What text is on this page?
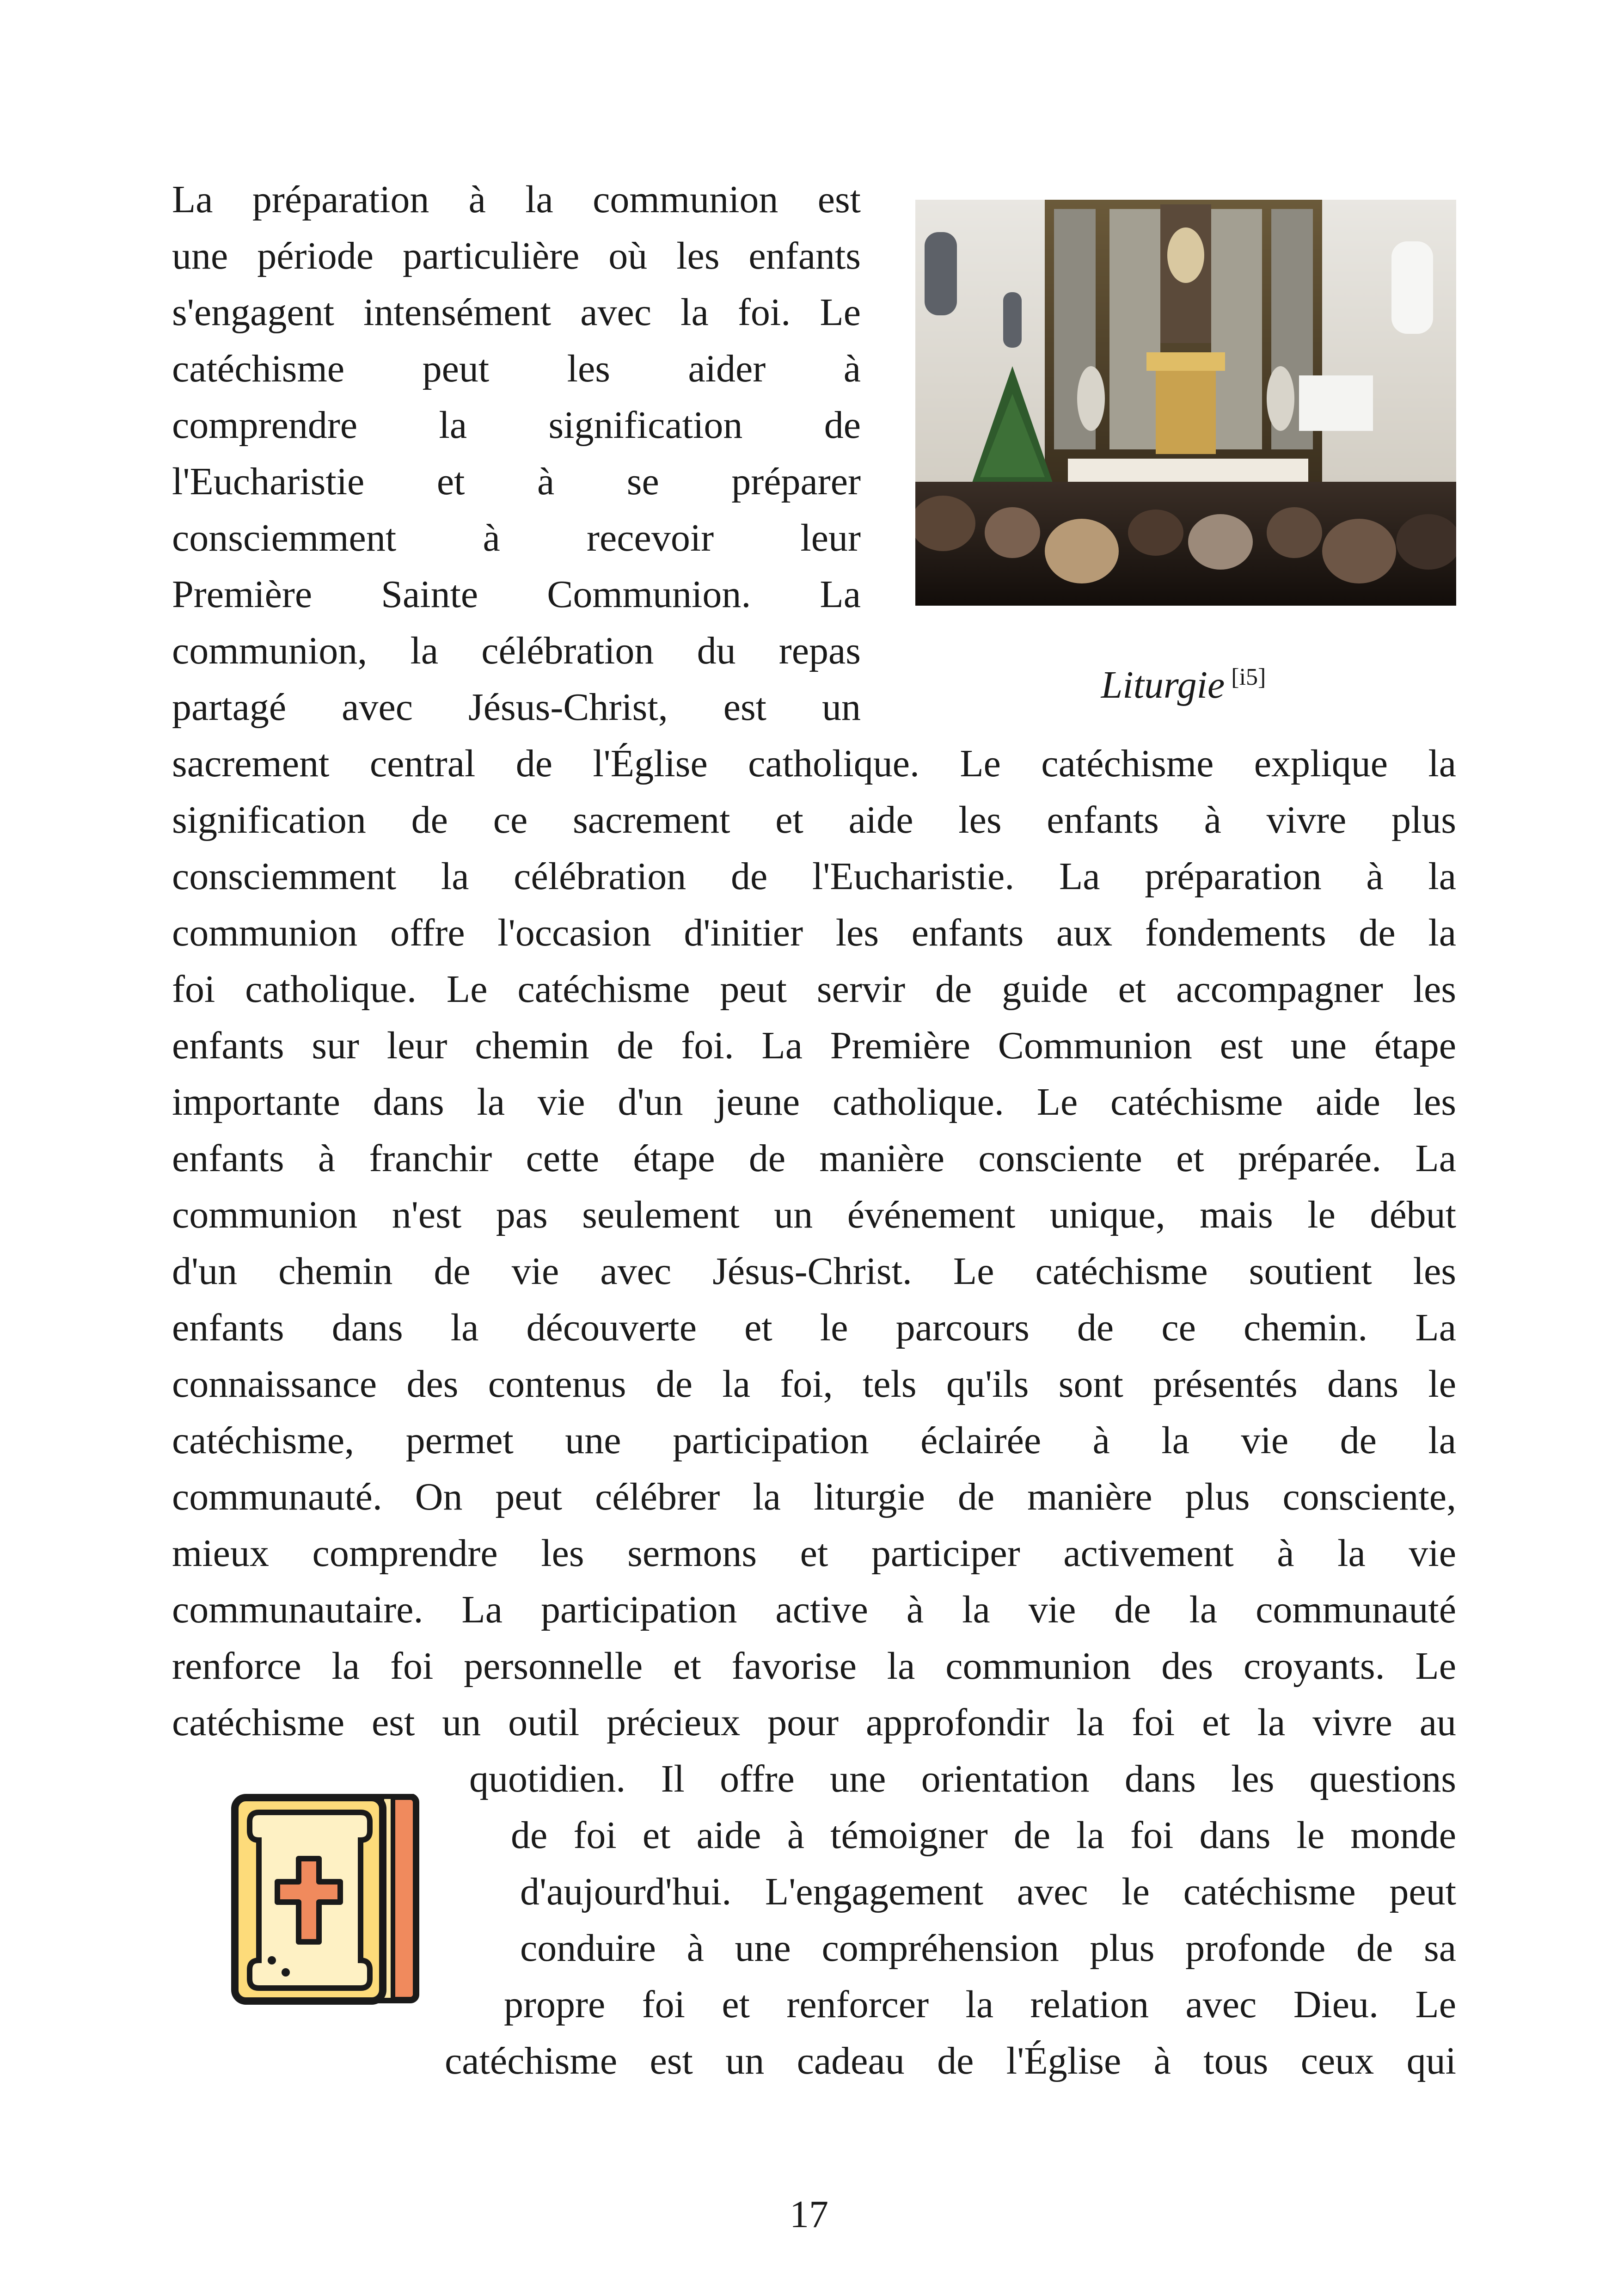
La préparation à la communion est

une période particulière où les enfants

s'engagent intensément avec la foi. Le

catéchisme peut les aider à

comprendre la signification de

l'Eucharistie et à se préparer

consciemment à recevoir leur

Première Sainte Communion. La

communion, la célébration du repas

partagé avec Jésus-Christ, est un

Liturgie [i5]

sacrement central de l'Église catholique. Le catéchisme explique la

signification de ce sacrement et aide les enfants à vivre plus

consciemment la célébration de l'Eucharistie. La préparation à la

communion offre l'occasion d'initier les enfants aux fondements de la

foi catholique. Le catéchisme peut servir de guide et accompagner les

enfants sur leur chemin de foi. La Première Communion est une étape

importante dans la vie d'un jeune catholique. Le catéchisme aide les

enfants à franchir cette étape de manière consciente et préparée. La

communion n'est pas seulement un événement unique, mais le début

d'un chemin de vie avec Jésus-Christ. Le catéchisme soutient les

enfants dans la découverte et le parcours de ce chemin. La

connaissance des contenus de la foi, tels qu'ils sont présentés dans le

catéchisme, permet une participation éclairée à la vie de la

communauté. On peut célébrer la liturgie de manière plus consciente,

mieux comprendre les sermons et participer activement à la vie

communautaire. La participation active à la vie de la communauté

renforce la foi personnelle et favorise la communion des croyants. Le

catéchisme est un outil précieux pour approfondir la foi et la vivre au

quotidien. Il offre une orientation dans les questions

de foi et aide à témoigner de la foi dans le monde

d'aujourd'hui. L'engagement avec le catéchisme peut

conduire à une compréhension plus profonde de sa

propre foi et renforcer la relation avec Dieu. Le

catéchisme est un cadeau de l'Église à tous ceux qui

17
